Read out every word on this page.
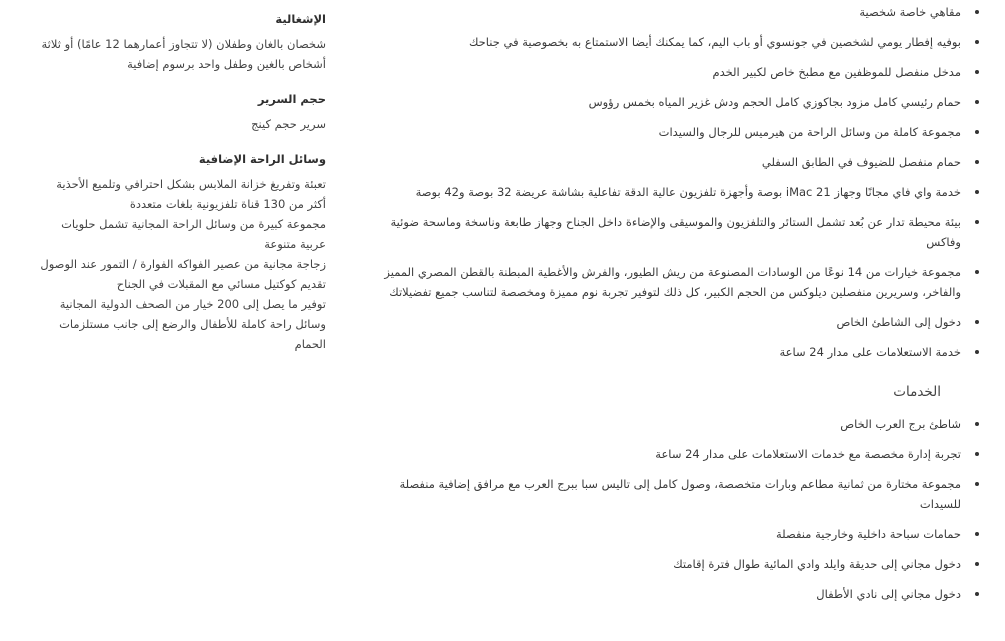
مقاهي خاصة شخصية
بوفيه إفطار يومي لشخصين في جونسوي أو باب اليم، كما يمكنك أيضا الاستمتاع به بخصوصية في جناحك
مدخل منفصل للموظفين مع مطبخ خاص لكبير الخدم
حمام رئيسي كامل مزود بجاكوزي كامل الحجم ودش غزير المياه بخمس رؤوس
مجموعة كاملة من وسائل الراحة من هيرميس للرجال والسيدات
حمام منفصل للضيوف في الطابق السفلي
خدمة واي فاي مجانًا وجهاز iMac 21 بوصة وأجهزة تلفزيون عالية الدقة تفاعلية بشاشة عريضة 32 بوصة و42 بوصة
بيئة محيطة تدار عن بُعد تشمل الستائر والتلفزيون والموسيقى والإضاءة داخل الجناح وجهاز طابعة وناسخة وماسحة ضوئية وفاكس
مجموعة خيارات من 14 نوعًا من الوسادات المصنوعة من ريش الطيور، والفرش والأغطية المبطنة بالقطن المصري المميز والفاخر، وسريرين منفصلين ديلوكس من الحجم الكبير، كل ذلك لتوفير تجربة نوم مميزة ومخصصة لتناسب جميع تفضيلاتك
دخول إلى الشاطئ الخاص
خدمة الاستعلامات على مدار 24 ساعة
الخدمات
شاطئ برج العرب الخاص
تجربة إدارة مخصصة مع خدمات الاستعلامات على مدار 24 ساعة
مجموعة مختارة من ثمانية مطاعم وبارات متخصصة، وصول كامل إلى تاليس سبا ببرج العرب مع مرافق إضافية منفصلة للسيدات
حمامات سباحة داخلية وخارجية منفصلة
دخول مجاني إلى حديقة وايلد وادي المائية طوال فترة إقامتك
دخول مجاني إلى نادي الأطفال
الإشغالية

شخصان بالغان وطفلان (لا تتجاوز أعمارهما 12 عامًا) أو ثلاثة أشخاص بالغين وطفل واحد برسوم إضافية

حجم السرير

سرير حجم كينج

وسائل الراحة الإضافية
تعبئة وتفريغ خزانة الملابس بشكل احترافي وتلميع الأحذية
أكثر من 130 قناة تلفزيونية بلغات متعددة
مجموعة كبيرة من وسائل الراحة المجانية تشمل حلويات عربية متنوعة
زجاجة مجانية من عصير الفواكه الفوارة / التمور عند الوصول
تقديم كوكتيل مسائي مع المقبلات في الجناح
توفير ما يصل إلى 200 خيار من الصحف الدولية المجانية
وسائل راحة كاملة للأطفال والرضع إلى جانب مستلزمات الحمام
